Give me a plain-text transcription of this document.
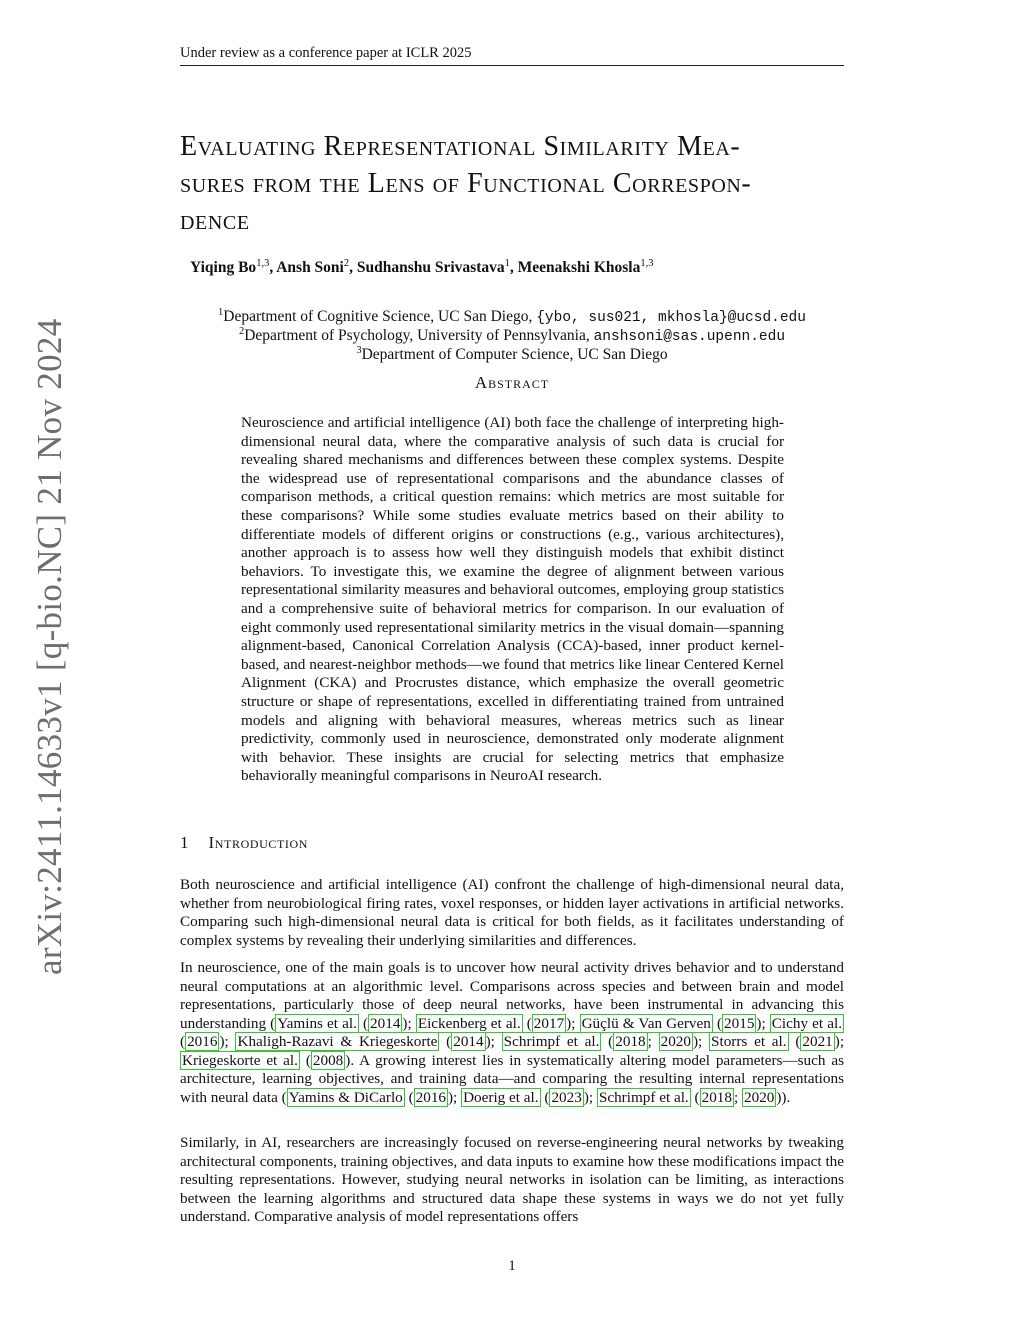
Under review as a conference paper at ICLR 2025
arXiv:2411.14633v1 [q-bio.NC] 21 Nov 2024
Evaluating Representational Similarity Mea-
sures from the Lens of Functional Correspon-
dence
Yiqing Bo$^{1,3}$, Ansh Soni$^2$, Sudhanshu Srivastava$^1$, Meenakshi Khosla$^{1,3}$
$^1$Department of Cognitive Science, UC San Diego, {ybo, sus021, mkhosla}@ucsd.edu
$^2$Department of Psychology, University of Pennsylvania, anshsoni@sas.upenn.edu
$^3$Department of Computer Science, UC San Diego
Abstract
Neuroscience and artificial intelligence (AI) both face the challenge of interpreting high-dimensional neural data, where the comparative analysis of such data is crucial for revealing shared mechanisms and differences between these complex systems. Despite the widespread use of representational comparisons and the abundance classes of comparison methods, a critical question remains: which metrics are most suitable for these comparisons? While some studies evaluate metrics based on their ability to differentiate models of different origins or constructions (e.g., various architectures), another approach is to assess how well they distinguish models that exhibit distinct behaviors. To investigate this, we examine the degree of alignment between various representational similarity measures and behavioral outcomes, employing group statistics and a comprehensive suite of behavioral metrics for comparison. In our evaluation of eight commonly used representational similarity metrics in the visual domain—spanning alignment-based, Canonical Correlation Analysis (CCA)-based, inner product kernel-based, and nearest-neighbor methods—we found that metrics like linear Centered Kernel Alignment (CKA) and Procrustes distance, which emphasize the overall geometric structure or shape of representations, excelled in differentiating trained from untrained models and aligning with behavioral measures, whereas metrics such as linear predictivity, commonly used in neuroscience, demonstrated only moderate alignment with behavior. These insights are crucial for selecting metrics that emphasize behaviorally meaningful comparisons in NeuroAI research.
1 Introduction
Both neuroscience and artificial intelligence (AI) confront the challenge of high-dimensional neural data, whether from neurobiological firing rates, voxel responses, or hidden layer activations in artificial networks. Comparing such high-dimensional neural data is critical for both fields, as it facilitates understanding of complex systems by revealing their underlying similarities and differences.
In neuroscience, one of the main goals is to uncover how neural activity drives behavior and to understand neural computations at an algorithmic level. Comparisons across species and between brain and model representations, particularly those of deep neural networks, have been instrumental in advancing this understanding ( Yamins et al. ( 2014 ); Eickenberg et al. ( 2017 ); Güçlü & Van Gerven ( 2015 ); Cichy et al. ( 2016 ); Khaligh-Razavi & Kriegeskorte ( 2014 ); Schrimpf et al. ( 2018 ; 2020 ); Storrs et al. ( 2021 ); Kriegeskorte et al. ( 2008 ). A growing interest lies in systematically altering model parameters—such as architecture, learning objectives, and training data—and comparing the resulting internal representations with neural data ( Yamins & DiCarlo ( 2016 ); Doerig et al. ( 2023 ); Schrimpf et al. ( 2018 ; 2020 )).
Similarly, in AI, researchers are increasingly focused on reverse-engineering neural networks by tweaking architectural components, training objectives, and data inputs to examine how these modifications impact the resulting representations. However, studying neural networks in isolation can be limiting, as interactions between the learning algorithms and structured data shape these systems in ways we do not yet fully understand. Comparative analysis of model representations offers
1
